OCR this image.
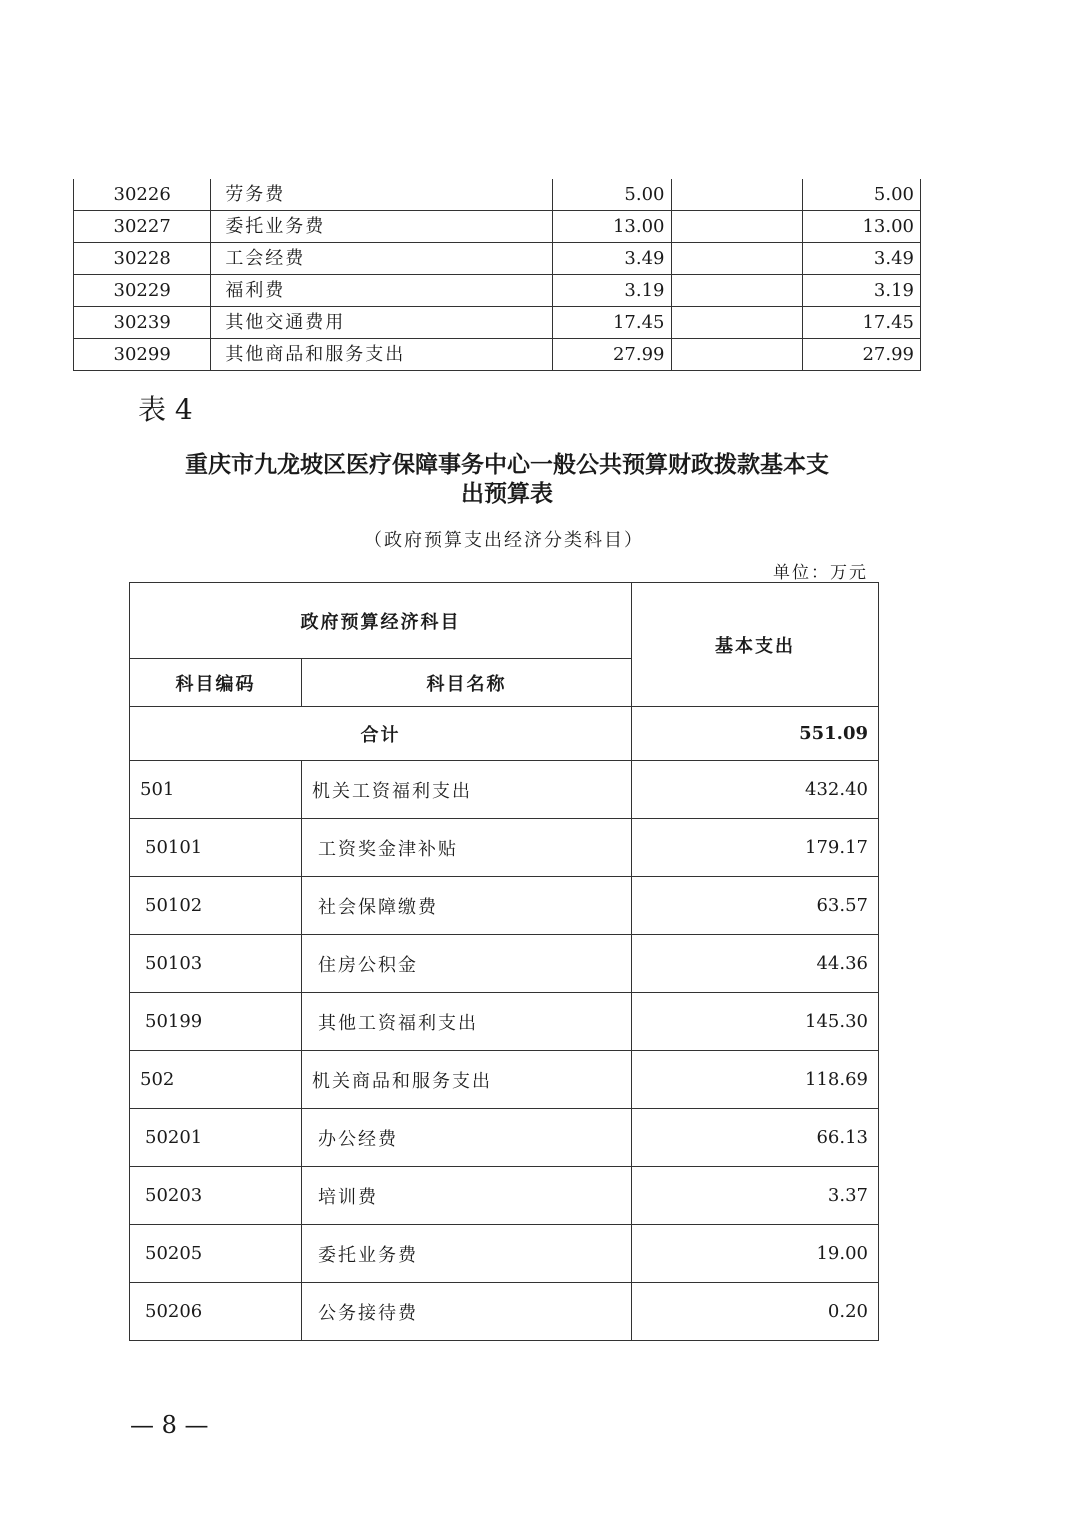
30226	劳务费	5.00		5.00
30227	委托业务费	13.00		13.00
30228	工会经费	3.49		3.49
30229	福利费	3.19		3.19
30239	其他交通费用	17.45		17.45
30299	其他商品和服务支出	27.99		27.99
表 4
重庆市九龙坡区医疗保障事务中心一般公共预算财政拨款基本支
出预算表
（政府预算支出经济分类科目）
单位：万元
政府预算经济科目		基本支出
科目编码	科目名称	
合计		551.09
501	机关工资福利支出	432.40
50101	工资奖金津补贴	179.17
50102	社会保障缴费	63.57
50103	住房公积金	44.36
50199	其他工资福利支出	145.30
502	机关商品和服务支出	118.69
50201	办公经费	66.13
50203	培训费	3.37
50205	委托业务费	19.00
50206	公务接待费	0.20
— 8 —
